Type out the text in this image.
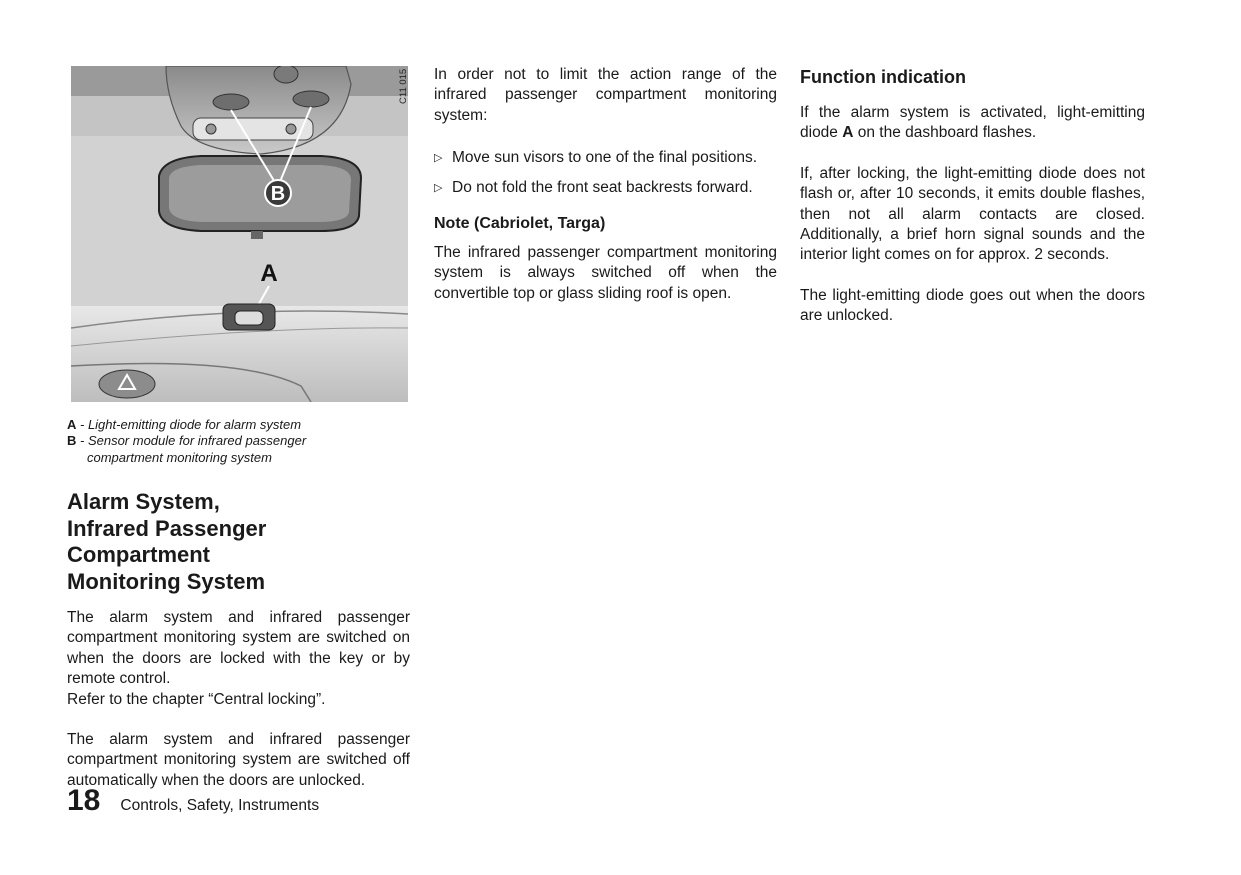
B
A
C11 015

A - Light-emitting diode for alarm system

B - Sensor module for infrared passenger

compartment monitoring system

Alarm System,
Infrared Passenger Compartment
Monitoring System

The alarm system and infrared passenger compartment monitoring system are switched on when the doors are locked with the key or by remote control.

Refer to the chapter “Central locking”.

The alarm system and infrared passenger compartment monitoring system are switched off automatically when the doors are unlocked.

In order not to limit the action range of the infrared passenger compartment monitoring system:

▷ Move sun visors to one of the final positions.
▷ Do not fold the front seat backrests forward.
Note (Cabriolet, Targa)

The infrared passenger compartment monitoring system is always switched off when the convertible top or glass sliding roof is open.

Function indication

If the alarm system is activated, light-emitting diode A on the dashboard flashes.

If, after locking, the light-emitting diode does not flash or, after 10 seconds, it emits double flashes, then not all alarm contacts are closed. Additionally, a brief horn signal sounds and the interior light comes on for approx. 2 seconds.

The light-emitting diode goes out when the doors are unlocked.

18 Controls, Safety, Instruments
